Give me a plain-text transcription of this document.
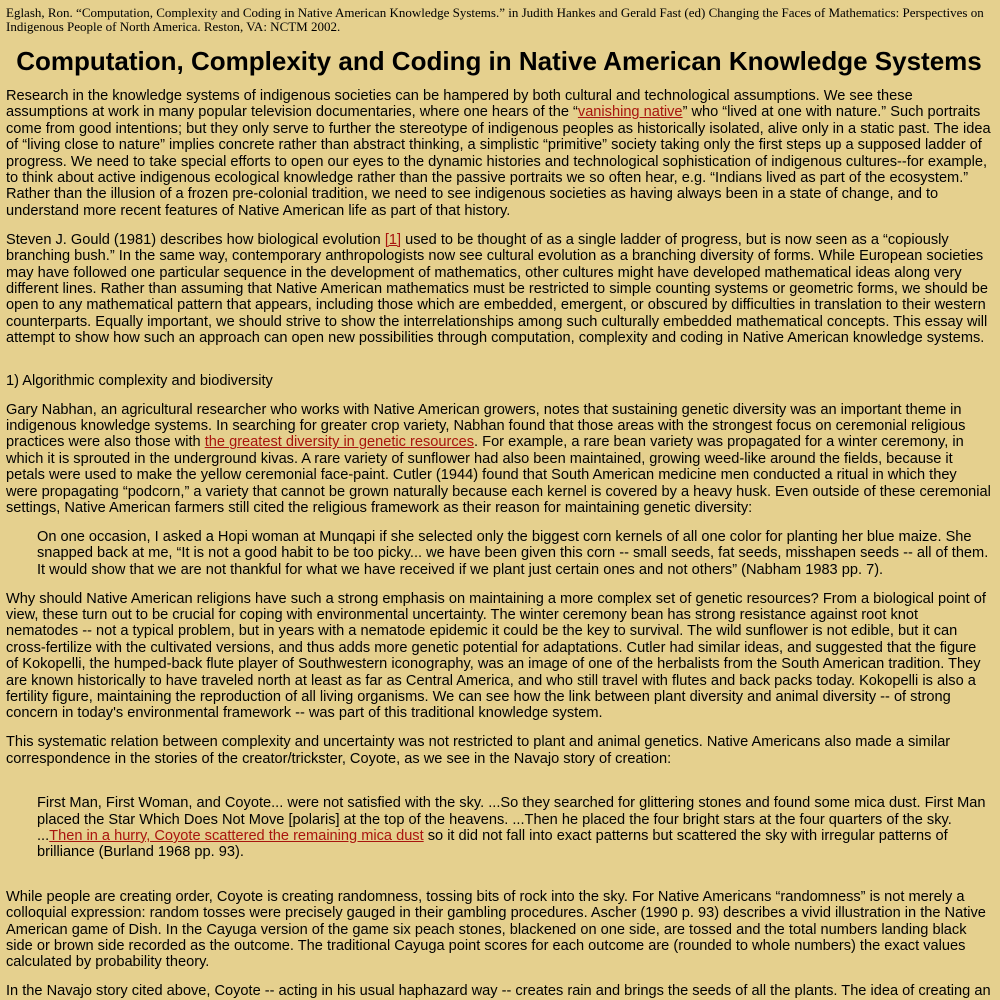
Eglash, Ron. “Computation, Complexity and Coding in Native American Knowledge Systems.” in Judith Hankes and Gerald Fast (ed) Changing the Faces of Mathematics: Perspectives on Indigenous People of North America. Reston, VA: NCTM 2002.
Computation, Complexity and Coding in Native American Knowledge Systems

Research in the knowledge systems of indigenous societies can be hampered by both cultural and technological assumptions. We see these assumptions at work in many popular television documentaries, where one hears of the “vanishing native” who “lived at one with nature.” Such portraits come from good intentions; but they only serve to further the stereotype of indigenous peoples as historically isolated, alive only in a static past. The idea of “living close to nature” implies concrete rather than abstract thinking, a simplistic “primitive” society taking only the first steps up a supposed ladder of progress. We need to take special efforts to open our eyes to the dynamic histories and technological sophistication of indigenous cultures--for example, to think about active indigenous ecological knowledge rather than the passive portraits we so often hear, e.g. “Indians lived as part of the ecosystem.” Rather than the illusion of a frozen pre-colonial tradition, we need to see indigenous societies as having always been in a state of change, and to understand more recent features of Native American life as part of that history.

Steven J. Gould (1981) describes how biological evolution [1] used to be thought of as a single ladder of progress, but is now seen as a “copiously branching bush.” In the same way, contemporary anthropologists now see cultural evolution as a branching diversity of forms. While European societies may have followed one particular sequence in the development of mathematics, other cultures might have developed mathematical ideas along very different lines. Rather than assuming that Native American mathematics must be restricted to simple counting systems or geometric forms, we should be open to any mathematical pattern that appears, including those which are embedded, emergent, or obscured by difficulties in translation to their western counterparts. Equally important, we should strive to show the interrelationships among such culturally embedded mathematical concepts. This essay will attempt to show how such an approach can open new possibilities through computation, complexity and coding in Native American knowledge systems.

1) Algorithmic complexity and biodiversity

Gary Nabhan, an agricultural researcher who works with Native American growers, notes that sustaining genetic diversity was an important theme in indigenous knowledge systems. In searching for greater crop variety, Nabhan found that those areas with the strongest focus on ceremonial religious practices were also those with the greatest diversity in genetic resources. For example, a rare bean variety was propagated for a winter ceremony, in which it is sprouted in the underground kivas. A rare variety of sunflower had also been maintained, growing weed-like around the fields, because it petals were used to make the yellow ceremonial face-paint. Cutler (1944) found that South American medicine men conducted a ritual in which they were propagating “podcorn,” a variety that cannot be grown naturally because each kernel is covered by a heavy husk. Even outside of these ceremonial settings, Native American farmers still cited the religious framework as their reason for maintaining genetic diversity:

On one occasion, I asked a Hopi woman at Munqapi if she selected only the biggest corn kernels of all one color for planting her blue maize. She snapped back at me, “It is not a good habit to be too picky... we have been given this corn -- small seeds, fat seeds, misshapen seeds -- all of them. It would show that we are not thankful for what we have received if we plant just certain ones and not others” (Nabham 1983 pp. 7).

Why should Native American religions have such a strong emphasis on maintaining a more complex set of genetic resources? From a biological point of view, these turn out to be crucial for coping with environmental uncertainty. The winter ceremony bean has strong resistance against root knot nematodes -- not a typical problem, but in years with a nematode epidemic it could be the key to survival. The wild sunflower is not edible, but it can cross-fertilize with the cultivated versions, and thus adds more genetic potential for adaptations. Cutler had similar ideas, and suggested that the figure of Kokopelli, the humped-back flute player of Southwestern iconography, was an image of one of the herbalists from the South American tradition. They are known historically to have traveled north at least as far as Central America, and who still travel with flutes and back packs today. Kokopelli is also a fertility figure, maintaining the reproduction of all living organisms. We can see how the link between plant diversity and animal diversity -- of strong concern in today's environmental framework -- was part of this traditional knowledge system.

This systematic relation between complexity and uncertainty was not restricted to plant and animal genetics. Native Americans also made a similar correspondence in the stories of the creator/trickster, Coyote, as we see in the Navajo story of creation:

First Man, First Woman, and Coyote... were not satisfied with the sky. ...So they searched for glittering stones and found some mica dust. First Man placed the Star Which Does Not Move [polaris] at the top of the heavens. ...Then he placed the four bright stars at the four quarters of the sky. ...Then in a hurry, Coyote scattered the remaining mica dust so it did not fall into exact patterns but scattered the sky with irregular patterns of brilliance (Burland 1968 pp. 93).

While people are creating order, Coyote is creating randomness, tossing bits of rock into the sky. For Native Americans “randomness” is not merely a colloquial expression: random tosses were precisely gauged in their gambling procedures. Ascher (1990 p. 93) describes a vivid illustration in the Native American game of Dish. In the Cayuga version of the game six peach stones, blackened on one side, are tossed and the total numbers landing black side or brown side recorded as the outcome. The traditional Cayuga point scores for each outcome are (rounded to whole numbers) the exact values calculated by probability theory.

In the Navajo story cited above, Coyote -- acting in his usual haphazard way -- creates rain and brings the seeds of all the plants. The idea of creating an
